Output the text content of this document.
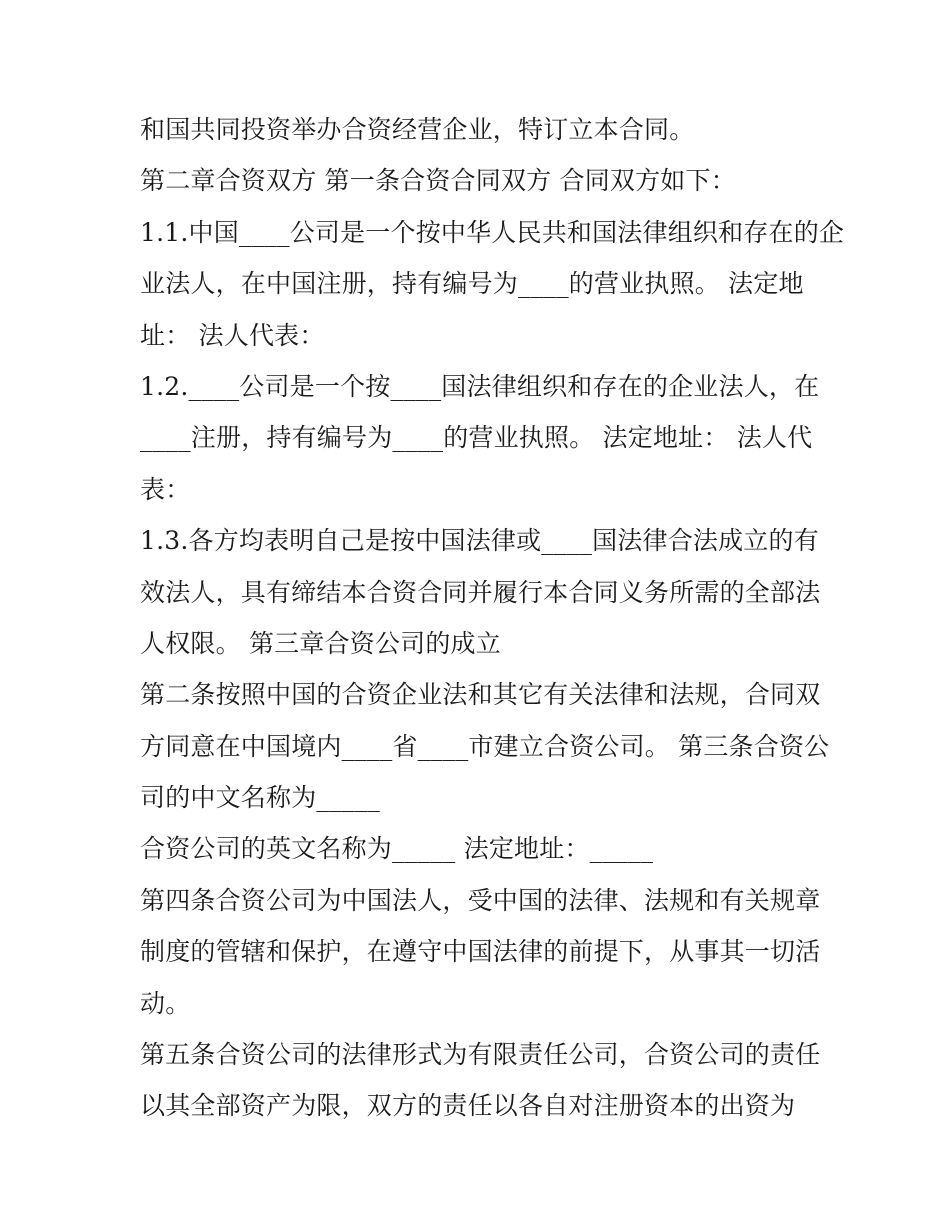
和国共同投资举办合资经营企业，特订立本合同。
第二章合资双方 第一条合资合同双方 合同双方如下：
1.1.中国____公司是一个按中华人民共和国法律组织和存在的企
业法人，在中国注册，持有编号为____的营业执照。 法定地
址： 法人代表：
1.2.____公司是一个按____国法律组织和存在的企业法人，在
____注册，持有编号为____的营业执照。 法定地址： 法人代
表：
1.3.各方均表明自己是按中国法律或____国法律合法成立的有
效法人，具有缔结本合资合同并履行本合同义务所需的全部法
人权限。 第三章合资公司的成立
第二条按照中国的合资企业法和其它有关法律和法规，合同双
方同意在中国境内____省____市建立合资公司。 第三条合资公
司的中文名称为_____
合资公司的英文名称为_____ 法定地址：_____
第四条合资公司为中国法人，受中国的法律、法规和有关规章
制度的管辖和保护，在遵守中国法律的前提下，从事其一切活
动。
第五条合资公司的法律形式为有限责任公司，合资公司的责任
以其全部资产为限，双方的责任以各自对注册资本的出资为
